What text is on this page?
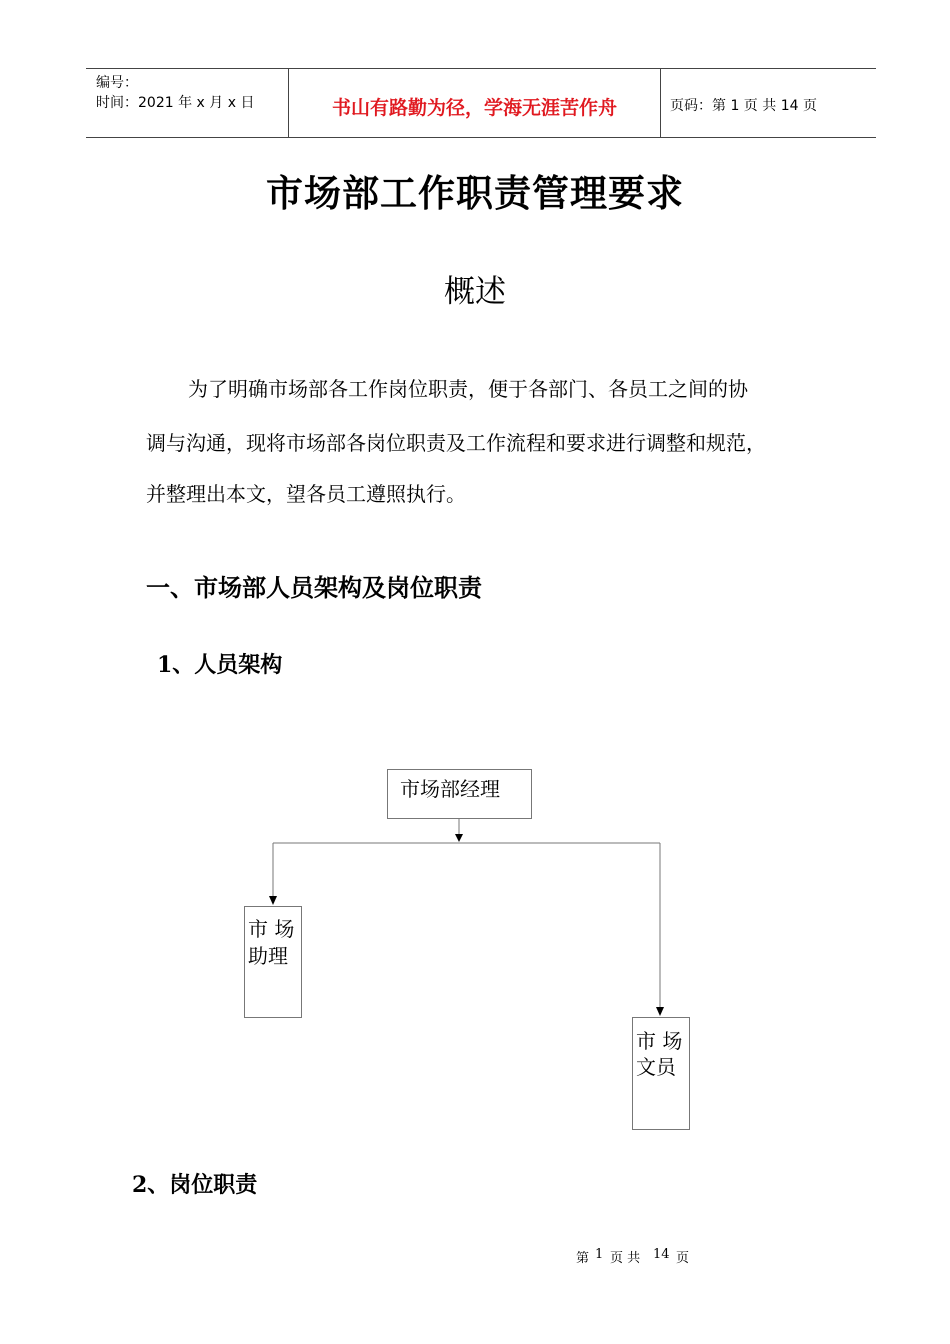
编号：
时间：2021 年 x 月 x 日	书山有路勤为径，学海无涯苦作舟	页码：第 1 页 共 14 页
市场部工作职责管理要求
概述
为了明确市场部各工作岗位职责，便于各部门、各员工之间的协
调与沟通，现将市场部各岗位职责及工作流程和要求进行调整和规范，
并整理出本文，望各员工遵照执行。
一、市场部人员架构及岗位职责
1、人员架构
市场部经理
市 场
助理
市 场
文员
2、岗位职责
第 1 页 共 14 页
